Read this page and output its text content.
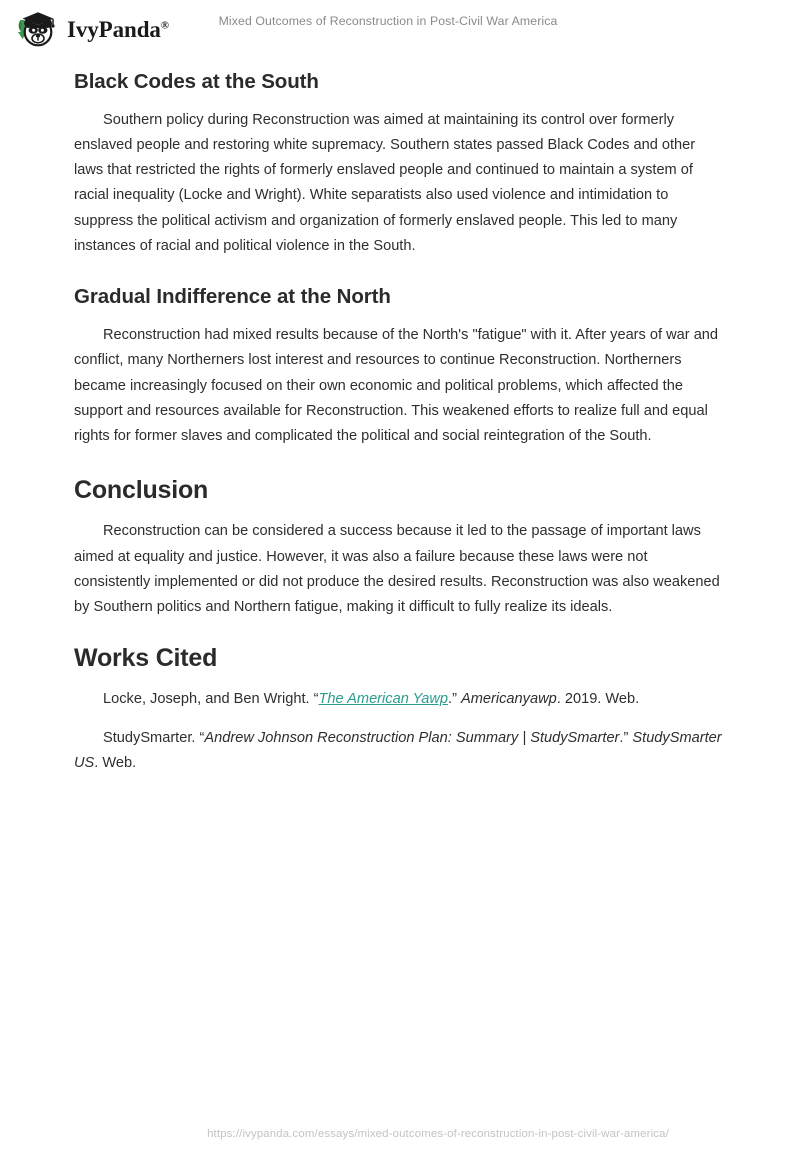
IvyPanda®	Mixed Outcomes of Reconstruction in Post-Civil War America
Black Codes at the South

Southern policy during Reconstruction was aimed at maintaining its control over formerly enslaved people and restoring white supremacy. Southern states passed Black Codes and other laws that restricted the rights of formerly enslaved people and continued to maintain a system of racial inequality (Locke and Wright). White separatists also used violence and intimidation to suppress the political activism and organization of formerly enslaved people. This led to many instances of racial and political violence in the South.

Gradual Indifference at the North

Reconstruction had mixed results because of the North's "fatigue" with it. After years of war and conflict, many Northerners lost interest and resources to continue Reconstruction. Northerners became increasingly focused on their own economic and political problems, which affected the support and resources available for Reconstruction. This weakened efforts to realize full and equal rights for former slaves and complicated the political and social reintegration of the South.

Conclusion

Reconstruction can be considered a success because it led to the passage of important laws aimed at equality and justice. However, it was also a failure because these laws were not consistently implemented or did not produce the desired results. Reconstruction was also weakened by Southern politics and Northern fatigue, making it difficult to fully realize its ideals.

Works Cited

Locke, Joseph, and Ben Wright. “The American Yawp.” Americanyawp. 2019. Web.

StudySmarter. “Andrew Johnson Reconstruction Plan: Summary | StudySmarter.” StudySmarter US. Web.

https://ivypanda.com/essays/mixed-outcomes-of-reconstruction-in-post-civil-war-america/
